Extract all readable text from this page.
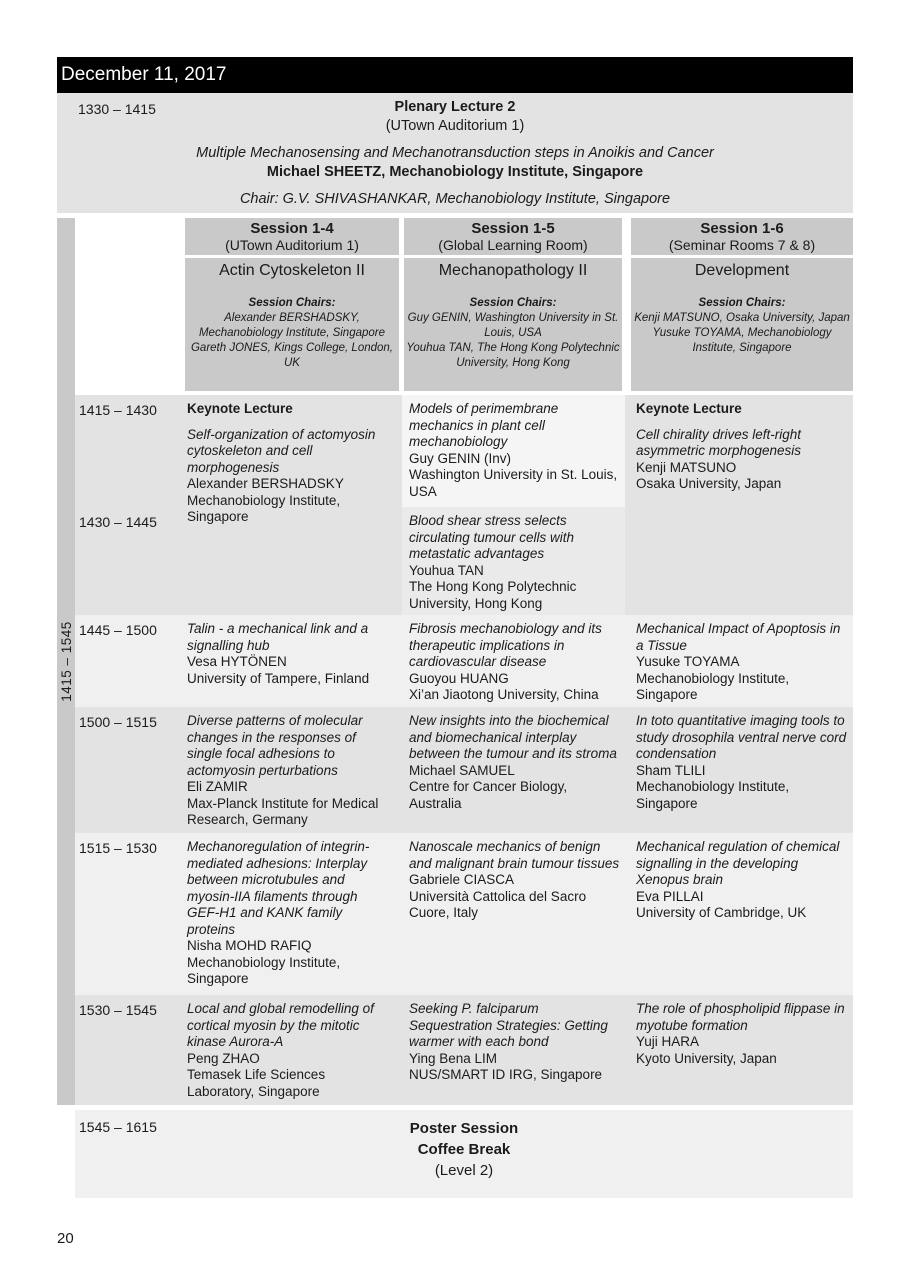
December 11, 2017
1330 – 1415	Plenary Lecture 2
(UTown Auditorium 1)
Multiple Mechanosensing and Mechanotransduction steps in Anoikis and Cancer
Michael SHEETZ, Mechanobiology Institute, Singapore
Chair: G.V. SHIVASHANKAR, Mechanobiology Institute, Singapore
1415 – 1545
Session 1-4
(UTown Auditorium 1)
Session 1-5
(Global Learning Room)
Session 1-6
(Seminar Rooms 7 & 8)
Actin Cytoskeleton II
Session Chairs:
Alexander BERSHADSKY, Mechanobiology Institute, Singapore
Gareth JONES, Kings College, London, UK
Mechanopathology II
Session Chairs:
Guy GENIN, Washington University in St. Louis, USA
Youhua TAN, The Hong Kong Polytechnic University, Hong Kong
Development
Session Chairs:
Kenji MATSUNO, Osaka University, Japan
Yusuke TOYAMA, Mechanobiology Institute, Singapore
1415 – 1430
1430 – 1445
1445 – 1500
1500 – 1515
1515 – 1530
1530 – 1545
Keynote Lecture
Self-organization of actomyosin cytoskeleton and cell morphogenesis
Alexander BERSHADSKY
Mechanobiology Institute, Singapore
Models of perimembrane mechanics in plant cell mechanobiology
Guy GENIN (Inv)
Washington University in St. Louis, USA
Blood shear stress selects circulating tumour cells with metastatic advantages
Youhua TAN
The Hong Kong Polytechnic University, Hong Kong
Keynote Lecture
Cell chirality drives left-right asymmetric morphogenesis
Kenji MATSUNO
Osaka University, Japan
Talin - a mechanical link and a signalling hub
Vesa HYTÖNEN
University of Tampere, Finland
Fibrosis mechanobiology and its therapeutic implications in cardiovascular disease
Guoyou HUANG
Xi’an Jiaotong University, China
Mechanical Impact of Apoptosis in a Tissue
Yusuke TOYAMA
Mechanobiology Institute, Singapore
Diverse patterns of molecular changes in the responses of single focal adhesions to actomyosin perturbations
Eli ZAMIR
Max-Planck Institute for Medical Research, Germany
New insights into the biochemical and biomechanical interplay between the tumour and its stroma
Michael SAMUEL
Centre for Cancer Biology, Australia
In toto quantitative imaging tools to study drosophila ventral nerve cord condensation
Sham TLILI
Mechanobiology Institute, Singapore
Mechanoregulation of integrin-mediated adhesions: Interplay between microtubules and myosin-IIA filaments through GEF-H1 and KANK family proteins
Nisha MOHD RAFIQ
Mechanobiology Institute, Singapore
Nanoscale mechanics of benign and malignant brain tumour tissues
Gabriele CIASCA
Università Cattolica del Sacro Cuore, Italy
Mechanical regulation of chemical signalling in the developing Xenopus brain
Eva PILLAI
University of Cambridge, UK
Local and global remodelling of cortical myosin by the mitotic kinase Aurora-A
Peng ZHAO
Temasek Life Sciences Laboratory, Singapore
Seeking P. falciparum Sequestration Strategies: Getting warmer with each bond
Ying Bena LIM
NUS/SMART ID IRG, Singapore
The role of phospholipid flippase in myotube formation
Yuji HARA
Kyoto University, Japan
1545 – 1615	Poster Session
Coffee Break
(Level 2)
20
